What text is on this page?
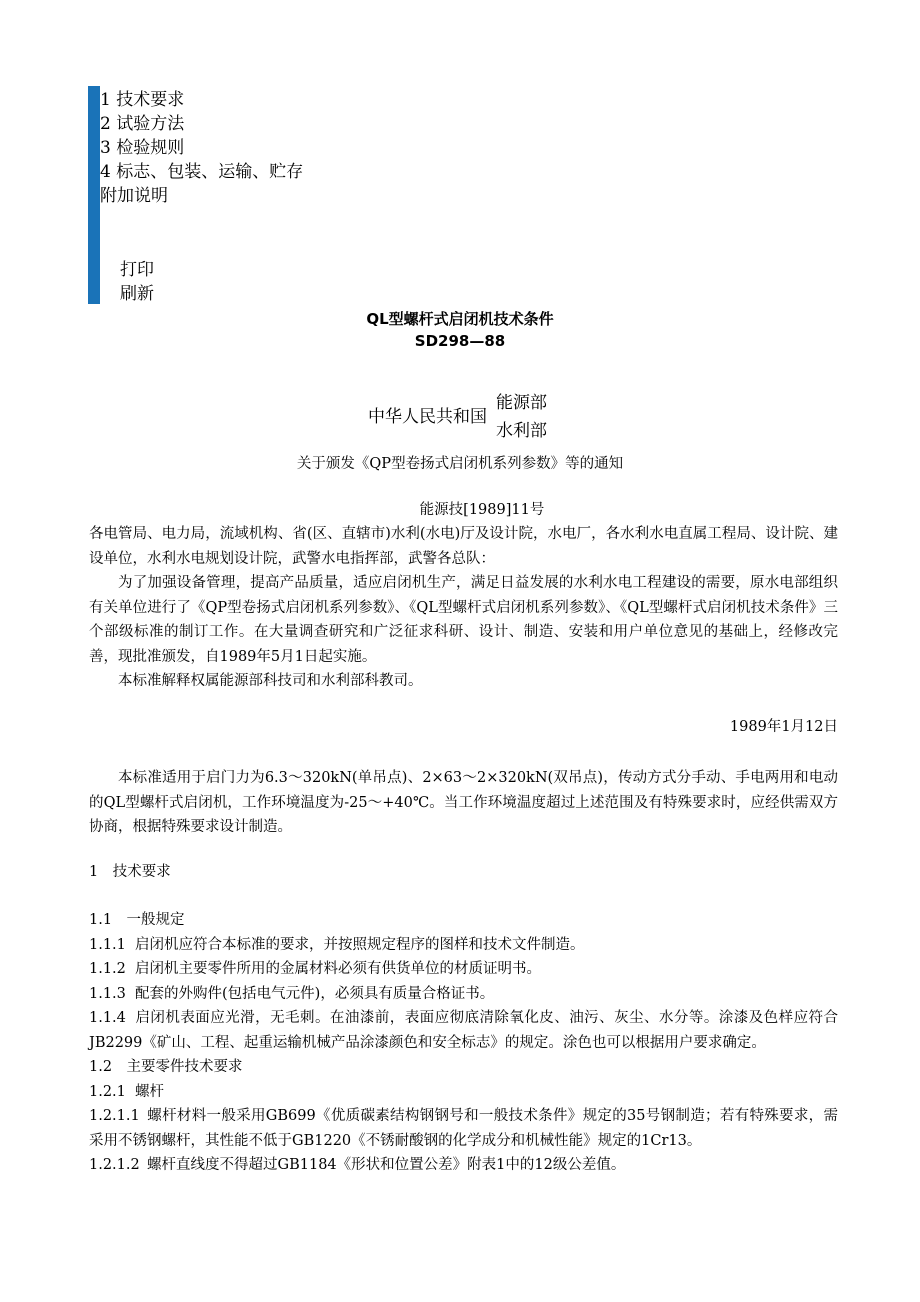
1 技术要求
2 试验方法
3 检验规则
4 标志、包装、运输、贮存
附加说明
打印
刷新
QL型螺杆式启闭机技术条件
SD298—88
中华人民共和国
能源部
水利部
关于颁发《QP型卷扬式启闭机系列参数》等的通知
能源技[1989]11号

各电管局、电力局，流域机构、省(区、直辖市)水利(水电)厅及设计院，水电厂，各水利水电直属工程局、设计院、建设单位，水利水电规划设计院，武警水电指挥部，武警各总队：

为了加强设备管理，提高产品质量，适应启闭机生产，满足日益发展的水利水电工程建设的需要，原水电部组织有关单位进行了《QP型卷扬式启闭机系列参数》、《QL型螺杆式启闭机系列参数》、《QL型螺杆式启闭机技术条件》三个部级标准的制订工作。在大量调查研究和广泛征求科研、设计、制造、安装和用户单位意见的基础上，经修改完善，现批准颁发，自1989年5月1日起实施。

本标准解释权属能源部科技司和水利部科教司。

1989年1月12日

本标准适用于启门力为6.3～320kN(单吊点)、2×63～2×320kN(双吊点)，传动方式分手动、手电两用和电动的QL型螺杆式启闭机，工作环境温度为-25～+40℃。当工作环境温度超过上述范围及有特殊要求时，应经供需双方协商，根据特殊要求设计制造。

1　技术要求

1.1　一般规定

1.1.1 启闭机应符合本标准的要求，并按照规定程序的图样和技术文件制造。

1.1.2 启闭机主要零件所用的金属材料必须有供货单位的材质证明书。

1.1.3 配套的外购件(包括电气元件)，必须具有质量合格证书。

1.1.4 启闭机表面应光滑，无毛刺。在油漆前，表面应彻底清除氧化皮、油污、灰尘、水分等。涂漆及色样应符合JB2299《矿山、工程、起重运输机械产品涂漆颜色和安全标志》的规定。涂色也可以根据用户要求确定。

1.2　主要零件技术要求

1.2.1 螺杆

1.2.1.1 螺杆材料一般采用GB699《优质碳素结构钢钢号和一般技术条件》规定的35号钢制造；若有特殊要求，需采用不锈钢螺杆，其性能不低于GB1220《不锈耐酸钢的化学成分和机械性能》规定的1Cr13。

1.2.1.2 螺杆直线度不得超过GB1184《形状和位置公差》附表1中的12级公差值。
